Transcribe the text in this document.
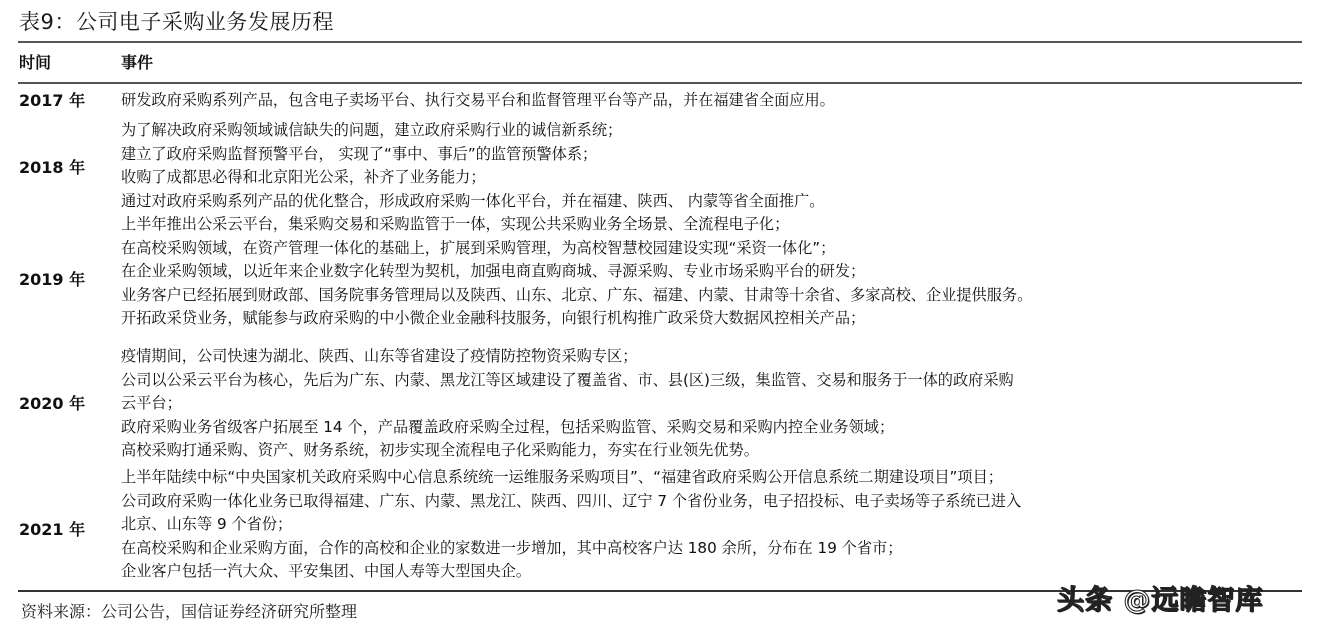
表9：公司电子采购业务发展历程
时间	事件
2017 年 研发政府采购系列产品，包含电子卖场平台、执行交易平台和监督管理平台等产品，并在福建省全面应用。
2018 年
为了解决政府采购领域诚信缺失的问题，建立政府采购行业的诚信新系统；
建立了政府采购监督预警平台， 实现了“事中、事后”的监管预警体系；
收购了成都思必得和北京阳光公采，补齐了业务能力；
通过对政府采购系列产品的优化整合，形成政府采购一体化平台，并在福建、陕西、 内蒙等省全面推广。
2019 年
上半年推出公采云平台，集采购交易和采购监管于一体，实现公共采购业务全场景、全流程电子化；
在高校采购领域，在资产管理一体化的基础上，扩展到采购管理，为高校智慧校园建设实现“采资一体化”；
在企业采购领域，以近年来企业数字化转型为契机，加强电商直购商城、寻源采购、专业市场采购平台的研发；
业务客户已经拓展到财政部、国务院事务管理局以及陕西、山东、北京、广东、福建、内蒙、甘肃等十余省、多家高校、企业提供服务。
开拓政采贷业务，赋能参与政府采购的中小微企业金融科技服务，向银行机构推广政采贷大数据风控相关产品；
2020 年
疫情期间，公司快速为湖北、陕西、山东等省建设了疫情防控物资采购专区；
公司以公采云平台为核心，先后为广东、内蒙、黑龙江等区域建设了覆盖省、市、县(区)三级，集监管、交易和服务于一体的政府采购
云平台；
政府采购业务省级客户拓展至 14 个，产品覆盖政府采购全过程，包括采购监管、采购交易和采购内控全业务领域；
高校采购打通采购、资产、财务系统，初步实现全流程电子化采购能力，夯实在行业领先优势。
2021 年
上半年陆续中标“中央国家机关政府采购中心信息系统统一运维服务采购项目”、“福建省政府采购公开信息系统二期建设项目”项目；
公司政府采购一体化业务已取得福建、广东、内蒙、黑龙江、陕西、四川、辽宁 7 个省份业务，电子招投标、电子卖场等子系统已进入
北京、山东等 9 个省份；
在高校采购和企业采购方面，合作的高校和企业的家数进一步增加，其中高校客户达 180 余所，分布在 19 个省市；
企业客户包括一汽大众、平安集团、中国人寿等大型国央企。
资料来源：公司公告，国信证券经济研究所整理	头条 @远瞻智库
